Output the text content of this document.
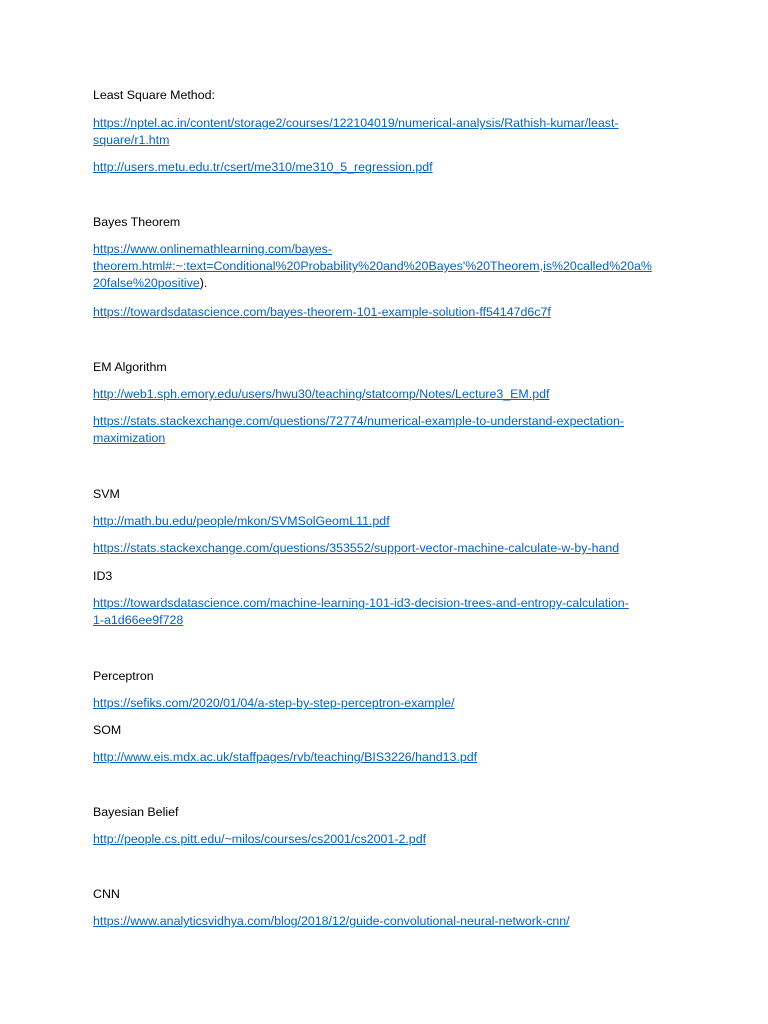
Least Square Method:
https://nptel.ac.in/content/storage2/courses/122104019/numerical-analysis/Rathish-kumar/least-
square/r1.htm
http://users.metu.edu.tr/csert/me310/me310_5_regression.pdf
Bayes Theorem
https://www.onlinemathlearning.com/bayes-
theorem.html#:~:text=Conditional%20Probability%20and%20Bayes'%20Theorem,is%20called%20a%
20false%20positive).
https://towardsdatascience.com/bayes-theorem-101-example-solution-ff54147d6c7f
EM Algorithm
http://web1.sph.emory.edu/users/hwu30/teaching/statcomp/Notes/Lecture3_EM.pdf
https://stats.stackexchange.com/questions/72774/numerical-example-to-understand-expectation-
maximization
SVM
http://math.bu.edu/people/mkon/SVMSolGeomL11.pdf
https://stats.stackexchange.com/questions/353552/support-vector-machine-calculate-w-by-hand
ID3
https://towardsdatascience.com/machine-learning-101-id3-decision-trees-and-entropy-calculation-
1-a1d66ee9f728
Perceptron
https://sefiks.com/2020/01/04/a-step-by-step-perceptron-example/
SOM
http://www.eis.mdx.ac.uk/staffpages/rvb/teaching/BIS3226/hand13.pdf
Bayesian Belief
http://people.cs.pitt.edu/~milos/courses/cs2001/cs2001-2.pdf
CNN
https://www.analyticsvidhya.com/blog/2018/12/guide-convolutional-neural-network-cnn/
